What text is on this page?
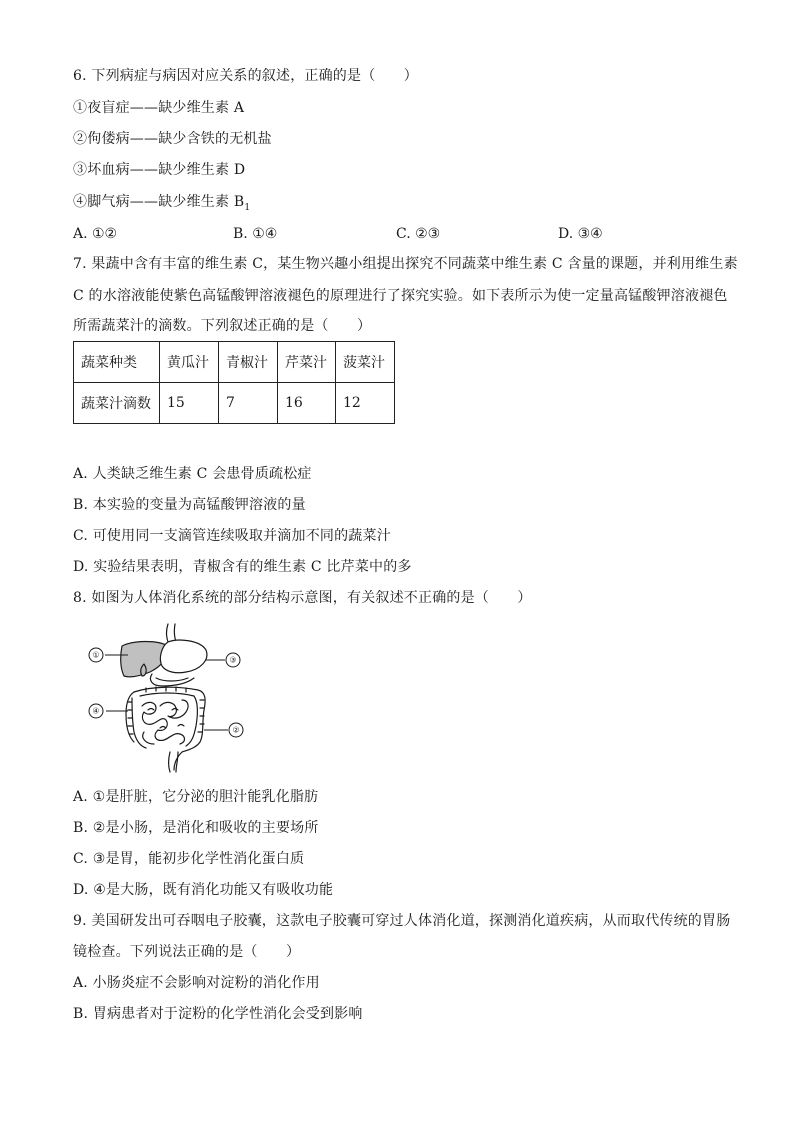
6. 下列病症与病因对应关系的叙述，正确的是（　　）
①夜盲症——缺少维生素 A
②佝偻病——缺少含铁的无机盐
③坏血病——缺少维生素 D
④脚气病——缺少维生素 $B_1$
A. ①②	B. ①④	C. ②③	D. ③④
7. 果蔬中含有丰富的维生素 C，某生物兴趣小组提出探究不同蔬菜中维生素 C 含量的课题，并利用维生素
C 的水溶液能使紫色高锰酸钾溶液褪色的原理进行了探究实验。如下表所示为使一定量高锰酸钾溶液褪色
所需蔬菜汁的滴数。下列叙述正确的是（　　）
蔬菜种类	黄瓜汁	青椒汁	芹菜汁	菠菜汁
蔬菜汁滴数	15	7	16	12
A. 人类缺乏维生素 C 会患骨质疏松症
B. 本实验的变量为高锰酸钾溶液的量
C. 可使用同一支滴管连续吸取并滴加不同的蔬菜汁
D. 实验结果表明，青椒含有的维生素 C 比芹菜中的多
8. 如图为人体消化系统的部分结构示意图，有关叙述不正确的是（　　）
①
③
④
②
A. ①是肝脏，它分泌的胆汁能乳化脂肪
B. ②是小肠，是消化和吸收的主要场所
C. ③是胃，能初步化学性消化蛋白质
D. ④是大肠，既有消化功能又有吸收功能
9. 美国研发出可吞咽电子胶囊，这款电子胶囊可穿过人体消化道，探测消化道疾病，从而取代传统的胃肠
镜检查。下列说法正确的是（　　）
A. 小肠炎症不会影响对淀粉的消化作用
B. 胃病患者对于淀粉的化学性消化会受到影响
